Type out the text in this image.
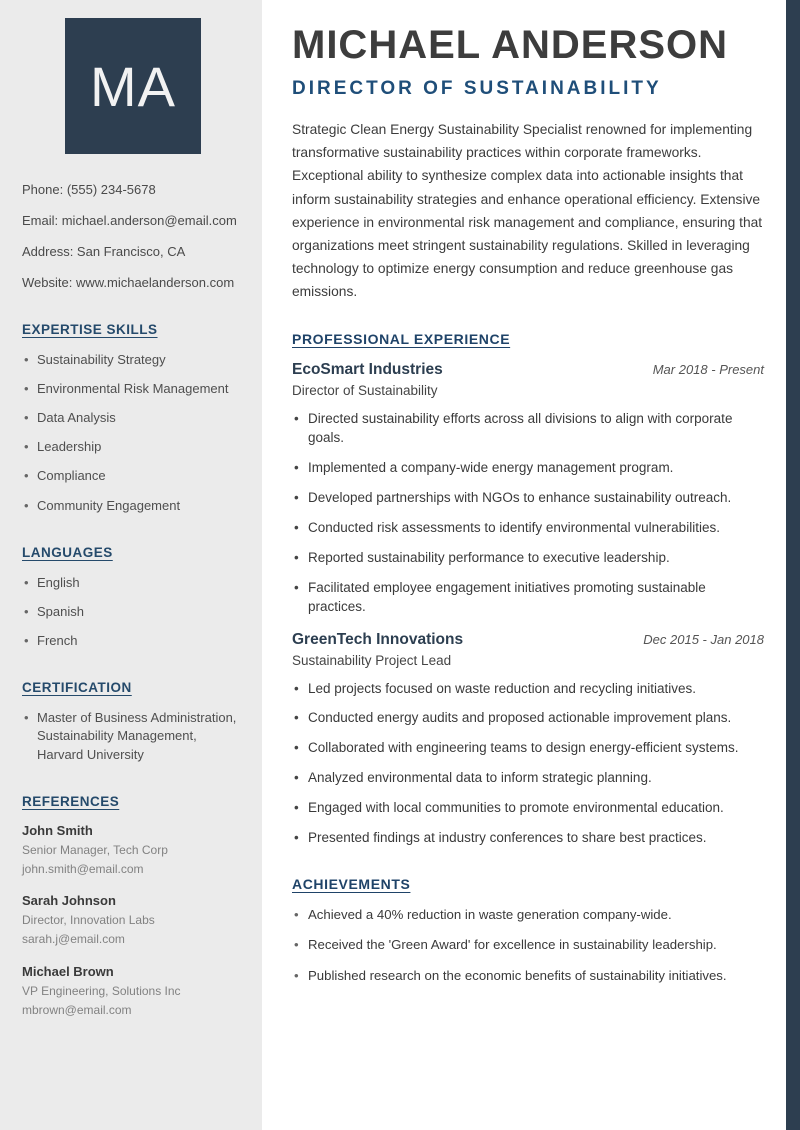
MA

Phone: (555) 234-5678

Email: michael.anderson@email.com

Address: San Francisco, CA

Website: www.michaelanderson.com

EXPERTISE SKILLS
• Sustainability Strategy
• Environmental Risk Management
• Data Analysis
• Leadership
• Compliance
• Community Engagement
LANGUAGES
• English
• Spanish
• French
CERTIFICATION
• Master of Business Administration, Sustainability Management, Harvard University
REFERENCES

John Smith

Senior Manager, Tech Corp

john.smith@email.com

Sarah Johnson

Director, Innovation Labs

sarah.j@email.com

Michael Brown

VP Engineering, Solutions Inc

mbrown@email.com

MICHAEL ANDERSON
DIRECTOR OF SUSTAINABILITY

Strategic Clean Energy Sustainability Specialist renowned for implementing transformative sustainability practices within corporate frameworks. Exceptional ability to synthesize complex data into actionable insights that inform sustainability strategies and enhance operational efficiency. Extensive experience in environmental risk management and compliance, ensuring that organizations meet stringent sustainability regulations. Skilled in leveraging technology to optimize energy consumption and reduce greenhouse gas emissions.

PROFESSIONAL EXPERIENCE

EcoSmart Industries	Mar 2018 - Present

Director of Sustainability

• Directed sustainability efforts across all divisions to align with corporate goals.
• Implemented a company-wide energy management program.
• Developed partnerships with NGOs to enhance sustainability outreach.
• Conducted risk assessments to identify environmental vulnerabilities.
• Reported sustainability performance to executive leadership.
• Facilitated employee engagement initiatives promoting sustainable practices.

GreenTech Innovations	Dec 2015 - Jan 2018

Sustainability Project Lead

• Led projects focused on waste reduction and recycling initiatives.
• Conducted energy audits and proposed actionable improvement plans.
• Collaborated with engineering teams to design energy-efficient systems.
• Analyzed environmental data to inform strategic planning.
• Engaged with local communities to promote environmental education.
• Presented findings at industry conferences to share best practices.
ACHIEVEMENTS
• Achieved a 40% reduction in waste generation company-wide.
• Received the 'Green Award' for excellence in sustainability leadership.
• Published research on the economic benefits of sustainability initiatives.
